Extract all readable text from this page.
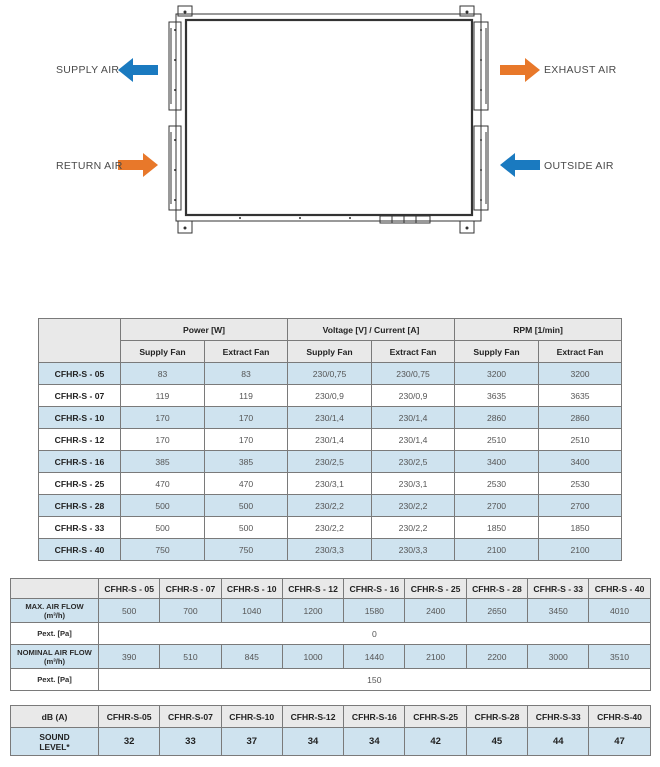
SUPPLY AIR
RETURN AIR
EXHAUST AIR
OUTSIDE AIR
	Power [W]		Voltage [V] / Current [A]		RPM [1/min]	
	Supply Fan	Extract Fan	Supply Fan	Extract Fan	Supply Fan	Extract Fan
CFHR-S - 05	83	83	230/0,75	230/0,75	3200	3200
CFHR-S - 07	119	119	230/0,9	230/0,9	3635	3635
CFHR-S - 10	170	170	230/1,4	230/1,4	2860	2860
CFHR-S - 12	170	170	230/1,4	230/1,4	2510	2510
CFHR-S - 16	385	385	230/2,5	230/2,5	3400	3400
CFHR-S - 25	470	470	230/3,1	230/3,1	2530	2530
CFHR-S - 28	500	500	230/2,2	230/2,2	2700	2700
CFHR-S - 33	500	500	230/2,2	230/2,2	1850	1850
CFHR-S - 40	750	750	230/3,3	230/3,3	2100	2100
	CFHR-S - 05	CFHR-S - 07	CFHR-S - 10	CFHR-S - 12	CFHR-S - 16	CFHR-S - 25	CFHR-S - 28	CFHR-S - 33	CFHR-S - 40

MAX. AIR FLOW
(m³/h)	500	700	1040	1200	1580	2400	2650	3450	4010
Pext. [Pa]	0								

NOMINAL AIR FLOW
(m³/h)	390	510	845	1000	1440	2100	2200	3000	3510
Pext. [Pa]	150								
dB (A)	CFHR-S-05	CFHR-S-07	CFHR-S-10	CFHR-S-12	CFHR-S-16	CFHR-S-25	CFHR-S-28	CFHR-S-33	CFHR-S-40

SOUND
LEVEL*	32	33	37	34	34	42	45	44	47
